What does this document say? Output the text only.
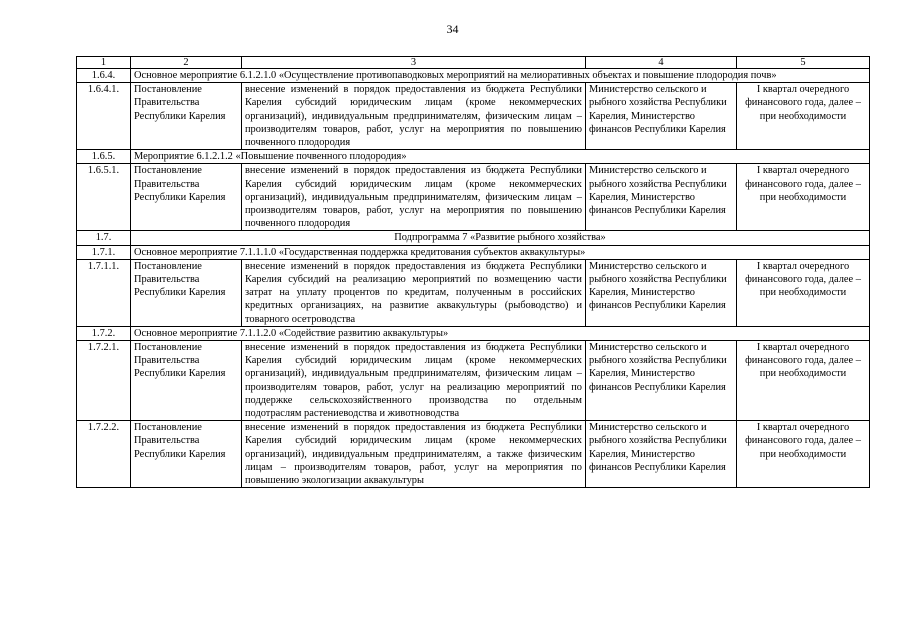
34
1	2	3	4	5
1.6.4.	Основное мероприятие 6.1.2.1.0 «Осуществление противопаводковых мероприятий на мелиоративных объектах и повышение плодородия почв»			
1.6.4.1.	Постановление Правительства Республики Карелия	внесение изменений в порядок предоставления из бюджета Республики Карелия субсидий юридическим лицам (кроме некоммерческих организаций), индивидуальным предпринимателям, физическим лицам – производителям товаров, работ, услуг на мероприятия по повышению почвенного плодородия	Министерство сельского и рыбного хозяйства Республики Карелия, Министерство финансов Республики Карелия	I квартал очередного финансового года, далее – при необходимости
1.6.5.	Мероприятие 6.1.2.1.2 «Повышение почвенного плодородия»			
1.6.5.1.	Постановление Правительства Республики Карелия	внесение изменений в порядок предоставления из бюджета Республики Карелия субсидий юридическим лицам (кроме некоммерческих организаций), индивидуальным предпринимателям, физическим лицам – производителям товаров, работ, услуг на мероприятия по повышению почвенного плодородия	Министерство сельского и рыбного хозяйства Республики Карелия, Министерство финансов Республики Карелия	I квартал очередного финансового года, далее – при необходимости
1.7.	Подпрограмма 7 «Развитие рыбного хозяйства»			
1.7.1.	Основное мероприятие 7.1.1.1.0 «Государственная поддержка кредитования субъектов аквакультуры»			
1.7.1.1.	Постановление Правительства Республики Карелия	внесение изменений в порядок предоставления из бюджета Республики Карелия субсидий на реализацию мероприятий по возмещению части затрат на уплату процентов по кредитам, полученным в российских кредитных организациях, на развитие аквакультуры (рыбоводство) и товарного осетроводства	Министерство сельского и рыбного хозяйства Республики Карелия, Министерство финансов Республики Карелия	I квартал очередного финансового года, далее – при необходимости
1.7.2.	Основное мероприятие 7.1.1.2.0 «Содействие развитию аквакультуры»			
1.7.2.1.	Постановление Правительства Республики Карелия	внесение изменений в порядок предоставления из бюджета Республики Карелия субсидий юридическим лицам (кроме некоммерческих организаций), индивидуальным предпринимателям, физическим лицам – производителям товаров, работ, услуг на реализацию мероприятий по поддержке сельскохозяйственного производства по отдельным подотраслям растениеводства и животноводства	Министерство сельского и рыбного хозяйства Республики Карелия, Министерство финансов Республики Карелия	I квартал очередного финансового года, далее – при необходимости
1.7.2.2.	Постановление Правительства Республики Карелия	внесение изменений в порядок предоставления из бюджета Республики Карелия субсидий юридическим лицам (кроме некоммерческих организаций), индивидуальным предпринимателям, а также физическим лицам – производителям товаров, работ, услуг на мероприятия по повышению экологизации аквакультуры	Министерство сельского и рыбного хозяйства Республики Карелия, Министерство финансов Республики Карелия	I квартал очередного финансового года, далее – при необходимости
